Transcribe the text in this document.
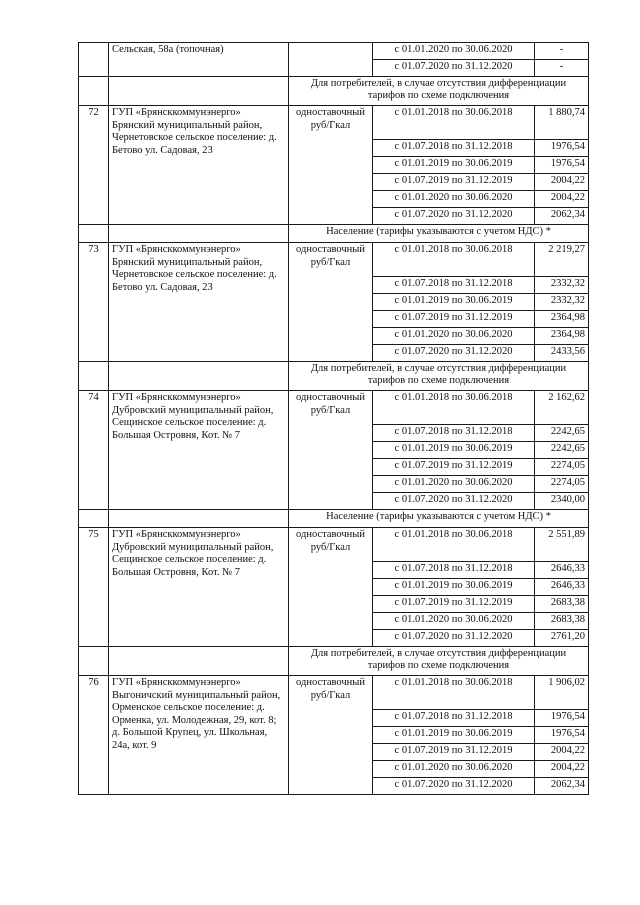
	Сельская, 58а (топочная)		с 01.01.2020 по 30.06.2020	-
			с 01.07.2020 по 31.12.2020	-
		Для потребителей, в случае отсутствия дифференциации тарифов по схеме подключения		
72	ГУП «Брянсккоммунэнерго» Брянский муниципальный район, Чернетовское сельское поселение: д. Бетово ул. Садовая, 23	одноставочный руб/Гкал	с 01.01.2018 по 30.06.2018	1 880,74
			с 01.07.2018 по 31.12.2018	1976,54
			с 01.01.2019 по 30.06.2019	1976,54
			с 01.07.2019 по 31.12.2019	2004,22
			с 01.01.2020 по 30.06.2020	2004,22
			с 01.07.2020 по 31.12.2020	2062,34
		Население (тарифы указываются с учетом НДС) *		
73	ГУП «Брянсккоммунэнерго» Брянский муниципальный район, Чернетовское сельское поселение: д. Бетово ул. Садовая, 23	одноставочный руб/Гкал	с 01.01.2018 по 30.06.2018	2 219,27
			с 01.07.2018 по 31.12.2018	2332,32
			с 01.01.2019 по 30.06.2019	2332,32
			с 01.07.2019 по 31.12.2019	2364,98
			с 01.01.2020 по 30.06.2020	2364,98
			с 01.07.2020 по 31.12.2020	2433,56
		Для потребителей, в случае отсутствия дифференциации тарифов по схеме подключения		
74	ГУП «Брянсккоммунэнерго» Дубровский муниципальный район, Сещинское сельское поселение: д. Большая Островня, Кот. № 7	одноставочный руб/Гкал	с 01.01.2018 по 30.06.2018	2 162,62
			с 01.07.2018 по 31.12.2018	2242,65
			с 01.01.2019 по 30.06.2019	2242,65
			с 01.07.2019 по 31.12.2019	2274,05
			с 01.01.2020 по 30.06.2020	2274,05
			с 01.07.2020 по 31.12.2020	2340,00
		Население (тарифы указываются с учетом НДС) *		
75	ГУП «Брянсккоммунэнерго» Дубровский муниципальный район, Сещинское сельское поселение: д. Большая Островня, Кот. № 7	одноставочный руб/Гкал	с 01.01.2018 по 30.06.2018	2 551,89
			с 01.07.2018 по 31.12.2018	2646,33
			с 01.01.2019 по 30.06.2019	2646,33
			с 01.07.2019 по 31.12.2019	2683,38
			с 01.01.2020 по 30.06.2020	2683,38
			с 01.07.2020 по 31.12.2020	2761,20
		Для потребителей, в случае отсутствия дифференциации тарифов по схеме подключения		
76	ГУП «Брянсккоммунэнерго» Выгоничский муниципальный район, Орменское сельское поселение: д. Орменка, ул. Молодежная, 29, кот. 8; д. Большой Крупец, ул. Школьная, 24а, кот. 9	одноставочный руб/Гкал	с 01.01.2018 по 30.06.2018	1 906,02
			с 01.07.2018 по 31.12.2018	1976,54
			с 01.01.2019 по 30.06.2019	1976,54
			с 01.07.2019 по 31.12.2019	2004,22
			с 01.01.2020 по 30.06.2020	2004,22
			с 01.07.2020 по 31.12.2020	2062,34
